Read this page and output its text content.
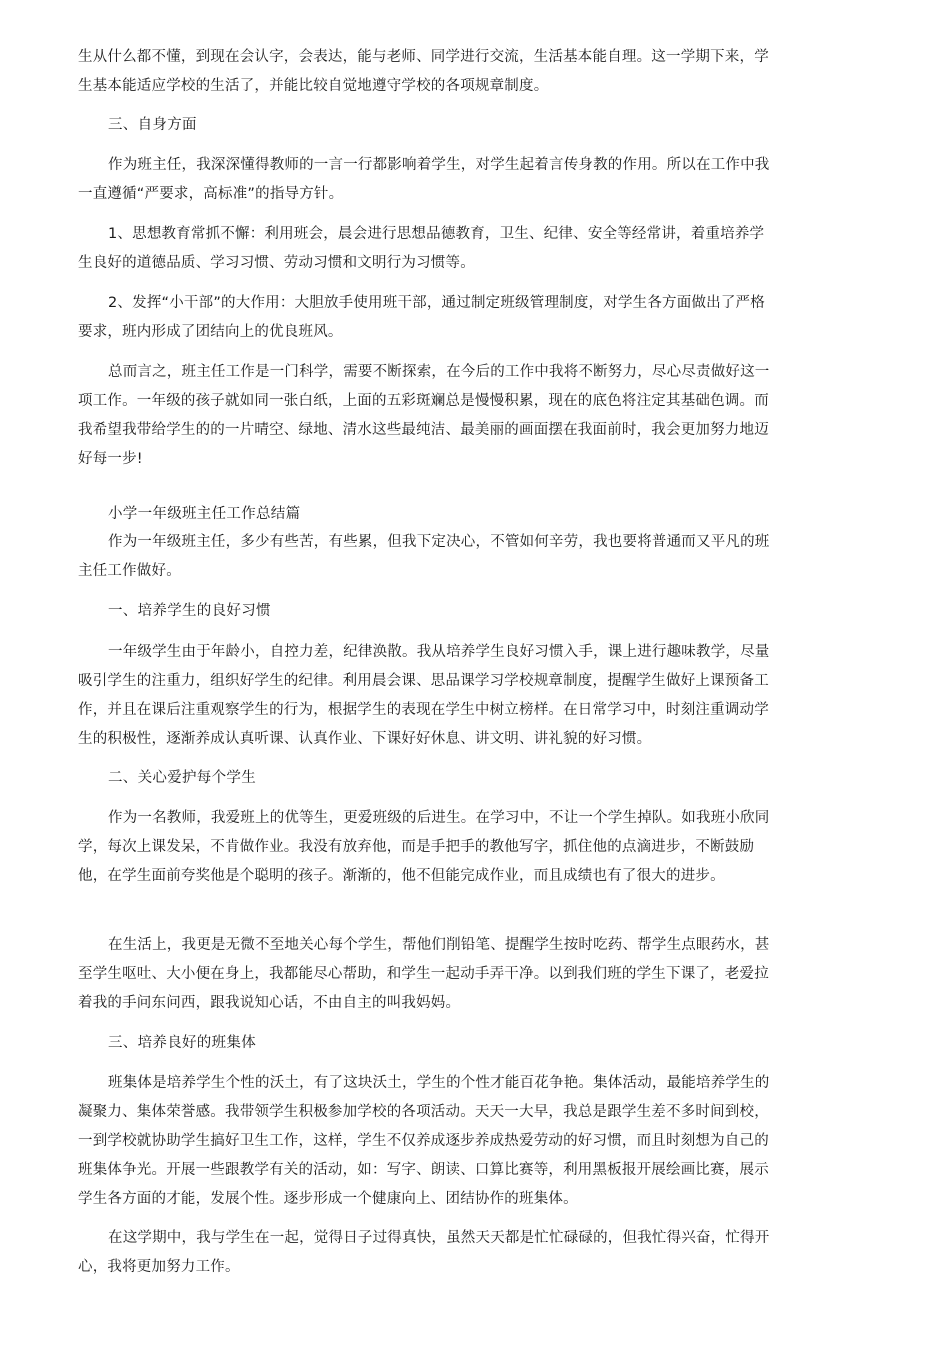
生从什么都不懂，到现在会认字，会表达，能与老师、同学进行交流，生活基本能自理。这一学期下来，学生基本能适应学校的生活了，并能比较自觉地遵守学校的各项规章制度。

三、自身方面

作为班主任，我深深懂得教师的一言一行都影响着学生，对学生起着言传身教的作用。所以在工作中我一直遵循“严要求，高标准”的指导方针。

1、思想教育常抓不懈：利用班会，晨会进行思想品德教育，卫生、纪律、安全等经常讲，着重培养学生良好的道德品质、学习习惯、劳动习惯和文明行为习惯等。

2、发挥“小干部”的大作用：大胆放手使用班干部，通过制定班级管理制度，对学生各方面做出了严格要求，班内形成了团结向上的优良班风。

总而言之，班主任工作是一门科学，需要不断探索，在今后的工作中我将不断努力，尽心尽责做好这一项工作。一年级的孩子就如同一张白纸，上面的五彩斑斓总是慢慢积累，现在的底色将注定其基础色调。而我希望我带给学生的的一片晴空、绿地、清水这些最纯洁、最美丽的画面摆在我面前时，我会更加努力地迈好每一步!

小学一年级班主任工作总结篇

作为一年级班主任，多少有些苦，有些累，但我下定决心，不管如何辛劳，我也要将普通而又平凡的班主任工作做好。

一、培养学生的良好习惯

一年级学生由于年龄小，自控力差，纪律涣散。我从培养学生良好习惯入手，课上进行趣味教学，尽量吸引学生的注重力，组织好学生的纪律。利用晨会课、思品课学习学校规章制度，提醒学生做好上课预备工作，并且在课后注重观察学生的行为，根据学生的表现在学生中树立榜样。在日常学习中，时刻注重调动学生的积极性，逐渐养成认真听课、认真作业、下课好好休息、讲文明、讲礼貌的好习惯。

二、关心爱护每个学生

作为一名教师，我爱班上的优等生，更爱班级的后进生。在学习中，不让一个学生掉队。如我班小欣同学，每次上课发呆，不肯做作业。我没有放弃他，而是手把手的教他写字，抓住他的点滴进步，不断鼓励他，在学生面前夸奖他是个聪明的孩子。渐渐的，他不但能完成作业，而且成绩也有了很大的进步。

在生活上，我更是无微不至地关心每个学生，帮他们削铅笔、提醒学生按时吃药、帮学生点眼药水，甚至学生呕吐、大小便在身上，我都能尽心帮助，和学生一起动手弄干净。以到我们班的学生下课了，老爱拉着我的手问东问西，跟我说知心话，不由自主的叫我妈妈。

三、培养良好的班集体

班集体是培养学生个性的沃土，有了这块沃土，学生的个性才能百花争艳。集体活动，最能培养学生的凝聚力、集体荣誉感。我带领学生积极参加学校的各项活动。天天一大早，我总是跟学生差不多时间到校，一到学校就协助学生搞好卫生工作，这样，学生不仅养成逐步养成热爱劳动的好习惯，而且时刻想为自己的班集体争光。开展一些跟教学有关的活动，如：写字、朗读、口算比赛等，利用黑板报开展绘画比赛，展示学生各方面的才能，发展个性。逐步形成一个健康向上、团结协作的班集体。

在这学期中，我与学生在一起，觉得日子过得真快，虽然天天都是忙忙碌碌的，但我忙得兴奋，忙得开心，我将更加努力工作。
